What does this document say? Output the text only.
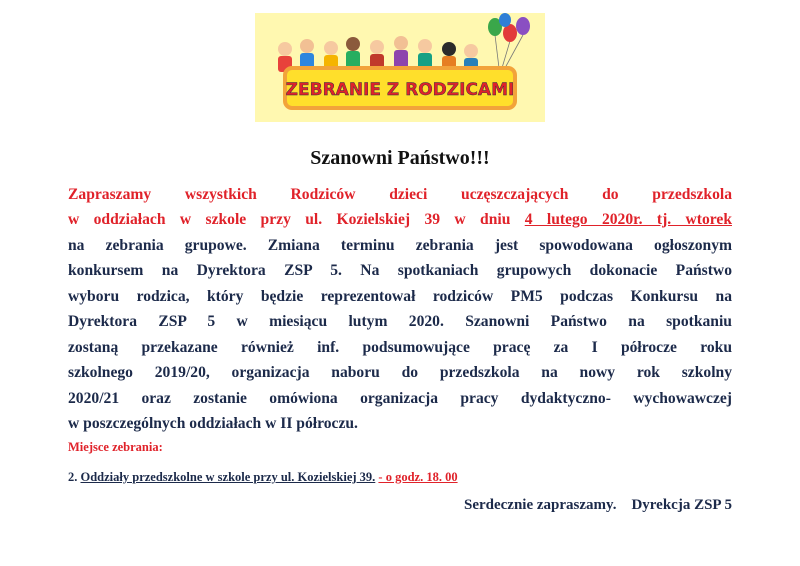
ZEBRANIE Z RODZICAMI

Szanowni Państwo!!!

Zapraszamy wszystkich Rodziców dzieci uczęszczających do przedszkola

w oddziałach w szkole przy ul. Kozielskiej 39 w dniu 4 lutego 2020r. tj. wtorek

na zebrania grupowe. Zmiana terminu zebrania jest spowodowana ogłoszonym

konkursem na Dyrektora ZSP 5. Na spotkaniach grupowych dokonacie Państwo

wyboru rodzica, który będzie reprezentował rodziców PM5 podczas Konkursu na

Dyrektora ZSP 5 w miesiącu lutym 2020. Szanowni Państwo na spotkaniu

zostaną przekazane również inf. podsumowujące pracę za I półrocze roku

szkolnego 2019/20, organizacja naboru do przedszkola na nowy rok szkolny

2020/21 oraz zostanie omówiona organizacja pracy dydaktyczno- wychowawczej

w poszczególnych oddziałach w II półroczu.

Miejsce zebrania:

2. Oddziały przedszkolne w szkole przy ul. Kozielskiej 39. - o godz. 18. 00

Serdecznie zapraszamy.    Dyrekcja ZSP 5
